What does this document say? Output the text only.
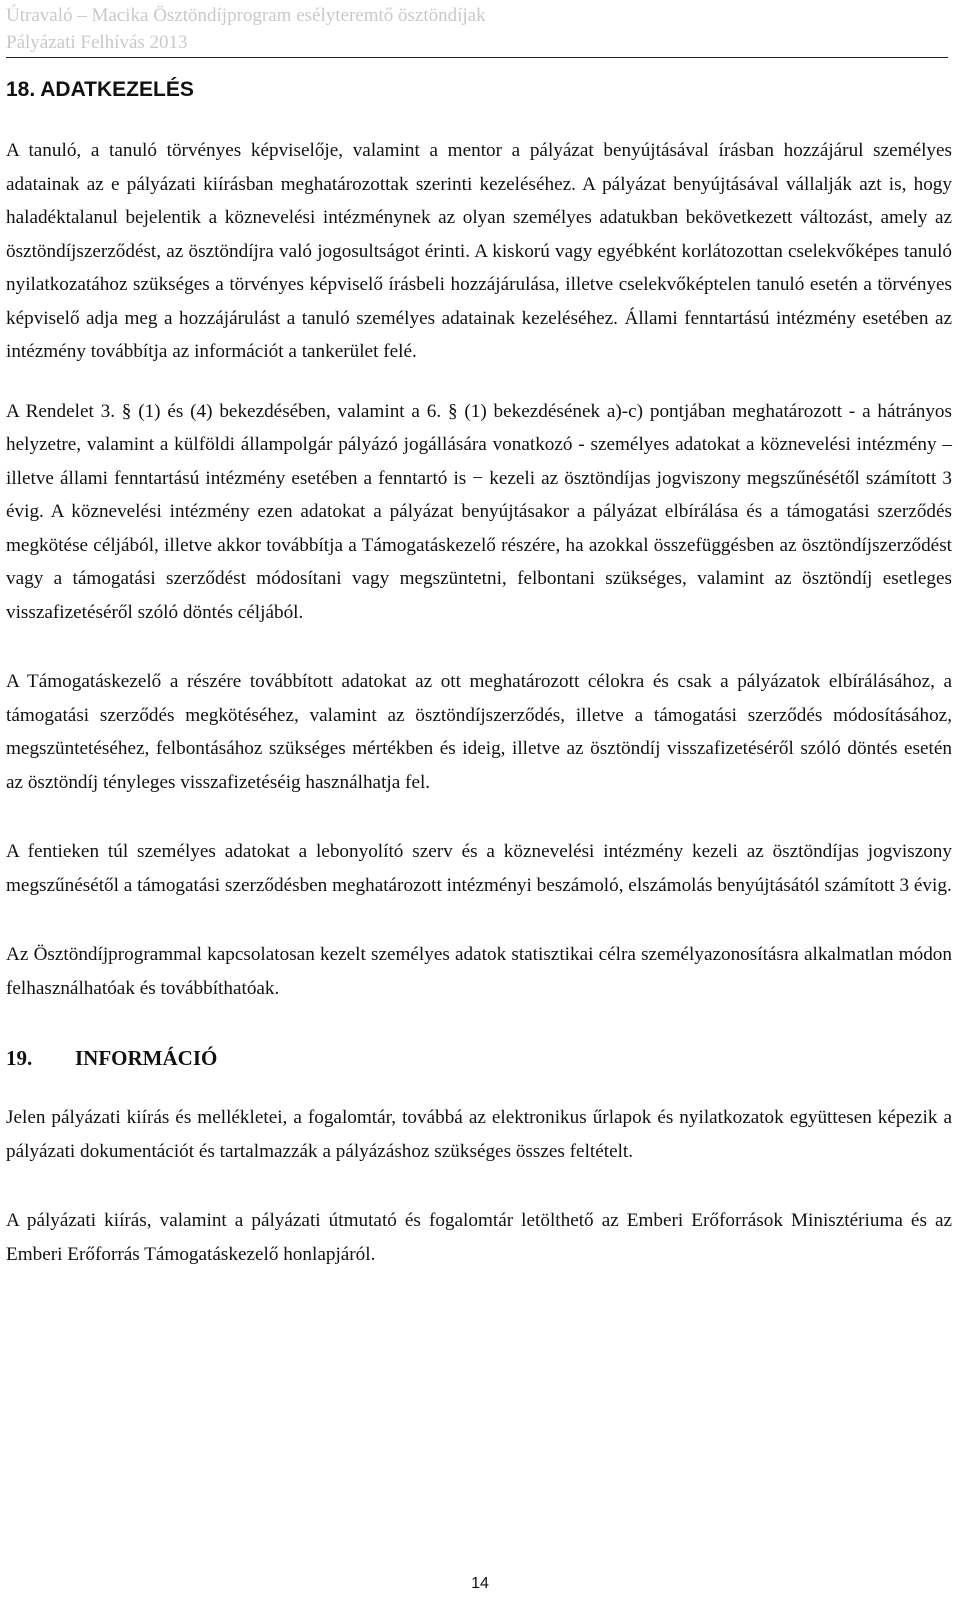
Útravaló – Macika Ösztöndíjprogram esélyteremtő ösztöndíjak
Pályázati Felhívás 2013
18. ADATKEZELÉS

A tanuló, a tanuló törvényes képviselője, valamint a mentor a pályázat benyújtásával írásban hozzájárul személyes adatainak az e pályázati kiírásban meghatározottak szerinti kezeléséhez. A pályázat benyújtásával vállalják azt is, hogy haladéktalanul bejelentik a köznevelési intézménynek az olyan személyes adatukban bekövetkezett változást, amely az ösztöndíjszerződést, az ösztöndíjra való jogosultságot érinti. A kiskorú vagy egyébként korlátozottan cselekvőképes tanuló nyilatkozatához szükséges a törvényes képviselő írásbeli hozzájárulása, illetve cselekvőképtelen tanuló esetén a törvényes képviselő adja meg a hozzájárulást a tanuló személyes adatainak kezeléséhez. Állami fenntartású intézmény esetében az intézmény továbbítja az információt a tankerület felé.

A Rendelet 3. § (1) és (4) bekezdésében, valamint a 6. § (1) bekezdésének a)-c) pontjában meghatározott - a hátrányos helyzetre, valamint a külföldi állampolgár pályázó jogállására vonatkozó - személyes adatokat a köznevelési intézmény – illetve állami fenntartású intézmény esetében a fenntartó is − kezeli az ösztöndíjas jogviszony megszűnésétől számított 3 évig. A köznevelési intézmény ezen adatokat a pályázat benyújtásakor a pályázat elbírálása és a támogatási szerződés megkötése céljából, illetve akkor továbbítja a Támogatáskezelő részére, ha azokkal összefüggésben az ösztöndíjszerződést vagy a támogatási szerződést módosítani vagy megszüntetni, felbontani szükséges, valamint az ösztöndíj esetleges visszafizetéséről szóló döntés céljából.

A Támogatáskezelő a részére továbbított adatokat az ott meghatározott célokra és csak a pályázatok elbírálásához, a támogatási szerződés megkötéséhez, valamint az ösztöndíjszerződés, illetve a támogatási szerződés módosításához, megszüntetéséhez, felbontásához szükséges mértékben és ideig, illetve az ösztöndíj visszafizetéséről szóló döntés esetén az ösztöndíj tényleges visszafizetéséig használhatja fel.

A fentieken túl személyes adatokat a lebonyolító szerv és a köznevelési intézmény kezeli az ösztöndíjas jogviszony megszűnésétől a támogatási szerződésben meghatározott intézményi beszámoló, elszámolás benyújtásától számított 3 évig.

Az Ösztöndíjprogrammal kapcsolatosan kezelt személyes adatok statisztikai célra személyazonosításra alkalmatlan módon felhasználhatóak és továbbíthatóak.

19. INFORMÁCIÓ

Jelen pályázati kiírás és mellékletei, a fogalomtár, továbbá az elektronikus űrlapok és nyilatkozatok együttesen képezik a pályázati dokumentációt és tartalmazzák a pályázáshoz szükséges összes feltételt.

A pályázati kiírás, valamint a pályázati útmutató és fogalomtár letölthető az Emberi Erőforrások Minisztériuma és az Emberi Erőforrás Támogatáskezelő honlapjáról.

14
